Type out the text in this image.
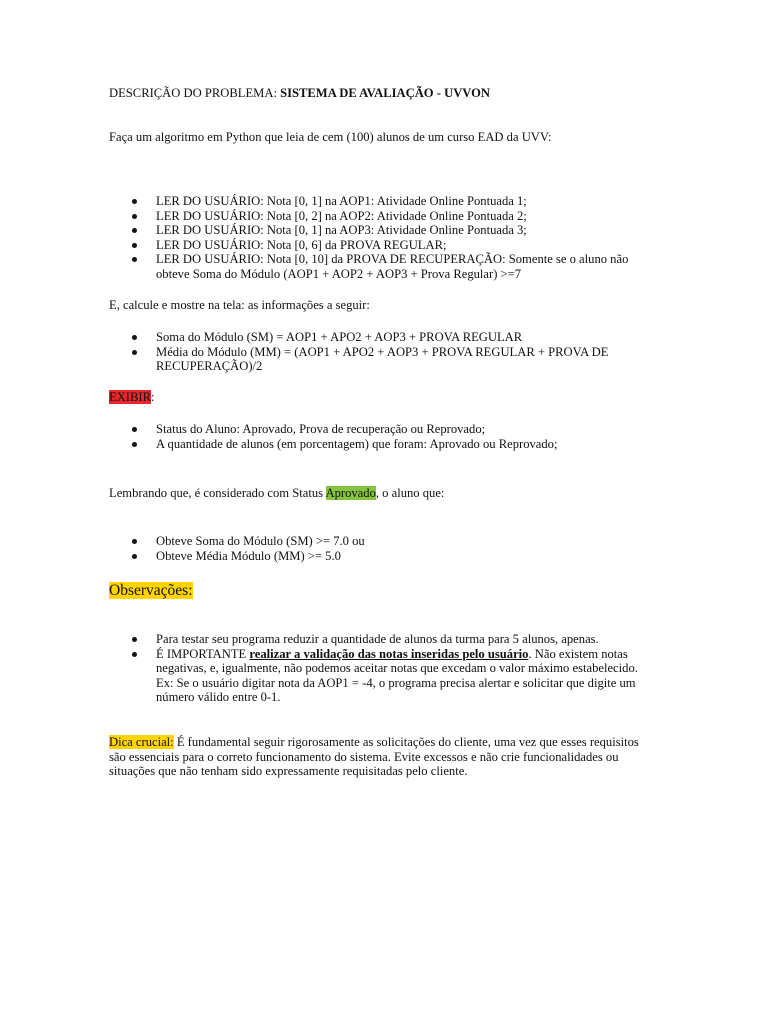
DESCRIÇÃO DO PROBLEMA: SISTEMA DE AVALIAÇÃO - UVVON

Faça um algoritmo em Python que leia de cem (100) alunos de um curso EAD da UVV:

LER DO USUÁRIO: Nota [0, 1] na AOP1: Atividade Online Pontuada 1;
LER DO USUÁRIO: Nota [0, 2] na AOP2: Atividade Online Pontuada 2;
LER DO USUÁRIO: Nota [0, 1] na AOP3: Atividade Online Pontuada 3;
LER DO USUÁRIO: Nota [0, 6] da PROVA REGULAR;
LER DO USUÁRIO: Nota [0, 10] da PROVA DE RECUPERAÇÃO: Somente se o aluno não obteve Soma do Módulo (AOP1 + AOP2 + AOP3 + Prova Regular) >=7

E, calcule e mostre na tela: as informações a seguir:

Soma do Módulo (SM) = AOP1 + APO2 + AOP3 + PROVA REGULAR
Média do Módulo (MM) = (AOP1 + APO2 + AOP3 + PROVA REGULAR + PROVA DE RECUPERAÇÃO)/2

EXIBIR:

Status do Aluno: Aprovado, Prova de recuperação ou Reprovado;
A quantidade de alunos (em porcentagem) que foram: Aprovado ou Reprovado;

Lembrando que, é considerado com Status Aprovado, o aluno que:

Obteve Soma do Módulo (SM) >= 7.0 ou
Obteve Média Módulo (MM) >= 5.0
Observações:
Para testar seu programa reduzir a quantidade de alunos da turma para 5 alunos, apenas.
É IMPORTANTE realizar a validação das notas inseridas pelo usuário. Não existem notas negativas, e, igualmente, não podemos aceitar notas que excedam o valor máximo estabelecido. Ex: Se o usuário digitar nota da AOP1 = -4, o programa precisa alertar e solicitar que digite um número válido entre 0-1.

Dica crucial: É fundamental seguir rigorosamente as solicitações do cliente, uma vez que esses requisitos são essenciais para o correto funcionamento do sistema. Evite excessos e não crie funcionalidades ou situações que não tenham sido expressamente requisitadas pelo cliente.
